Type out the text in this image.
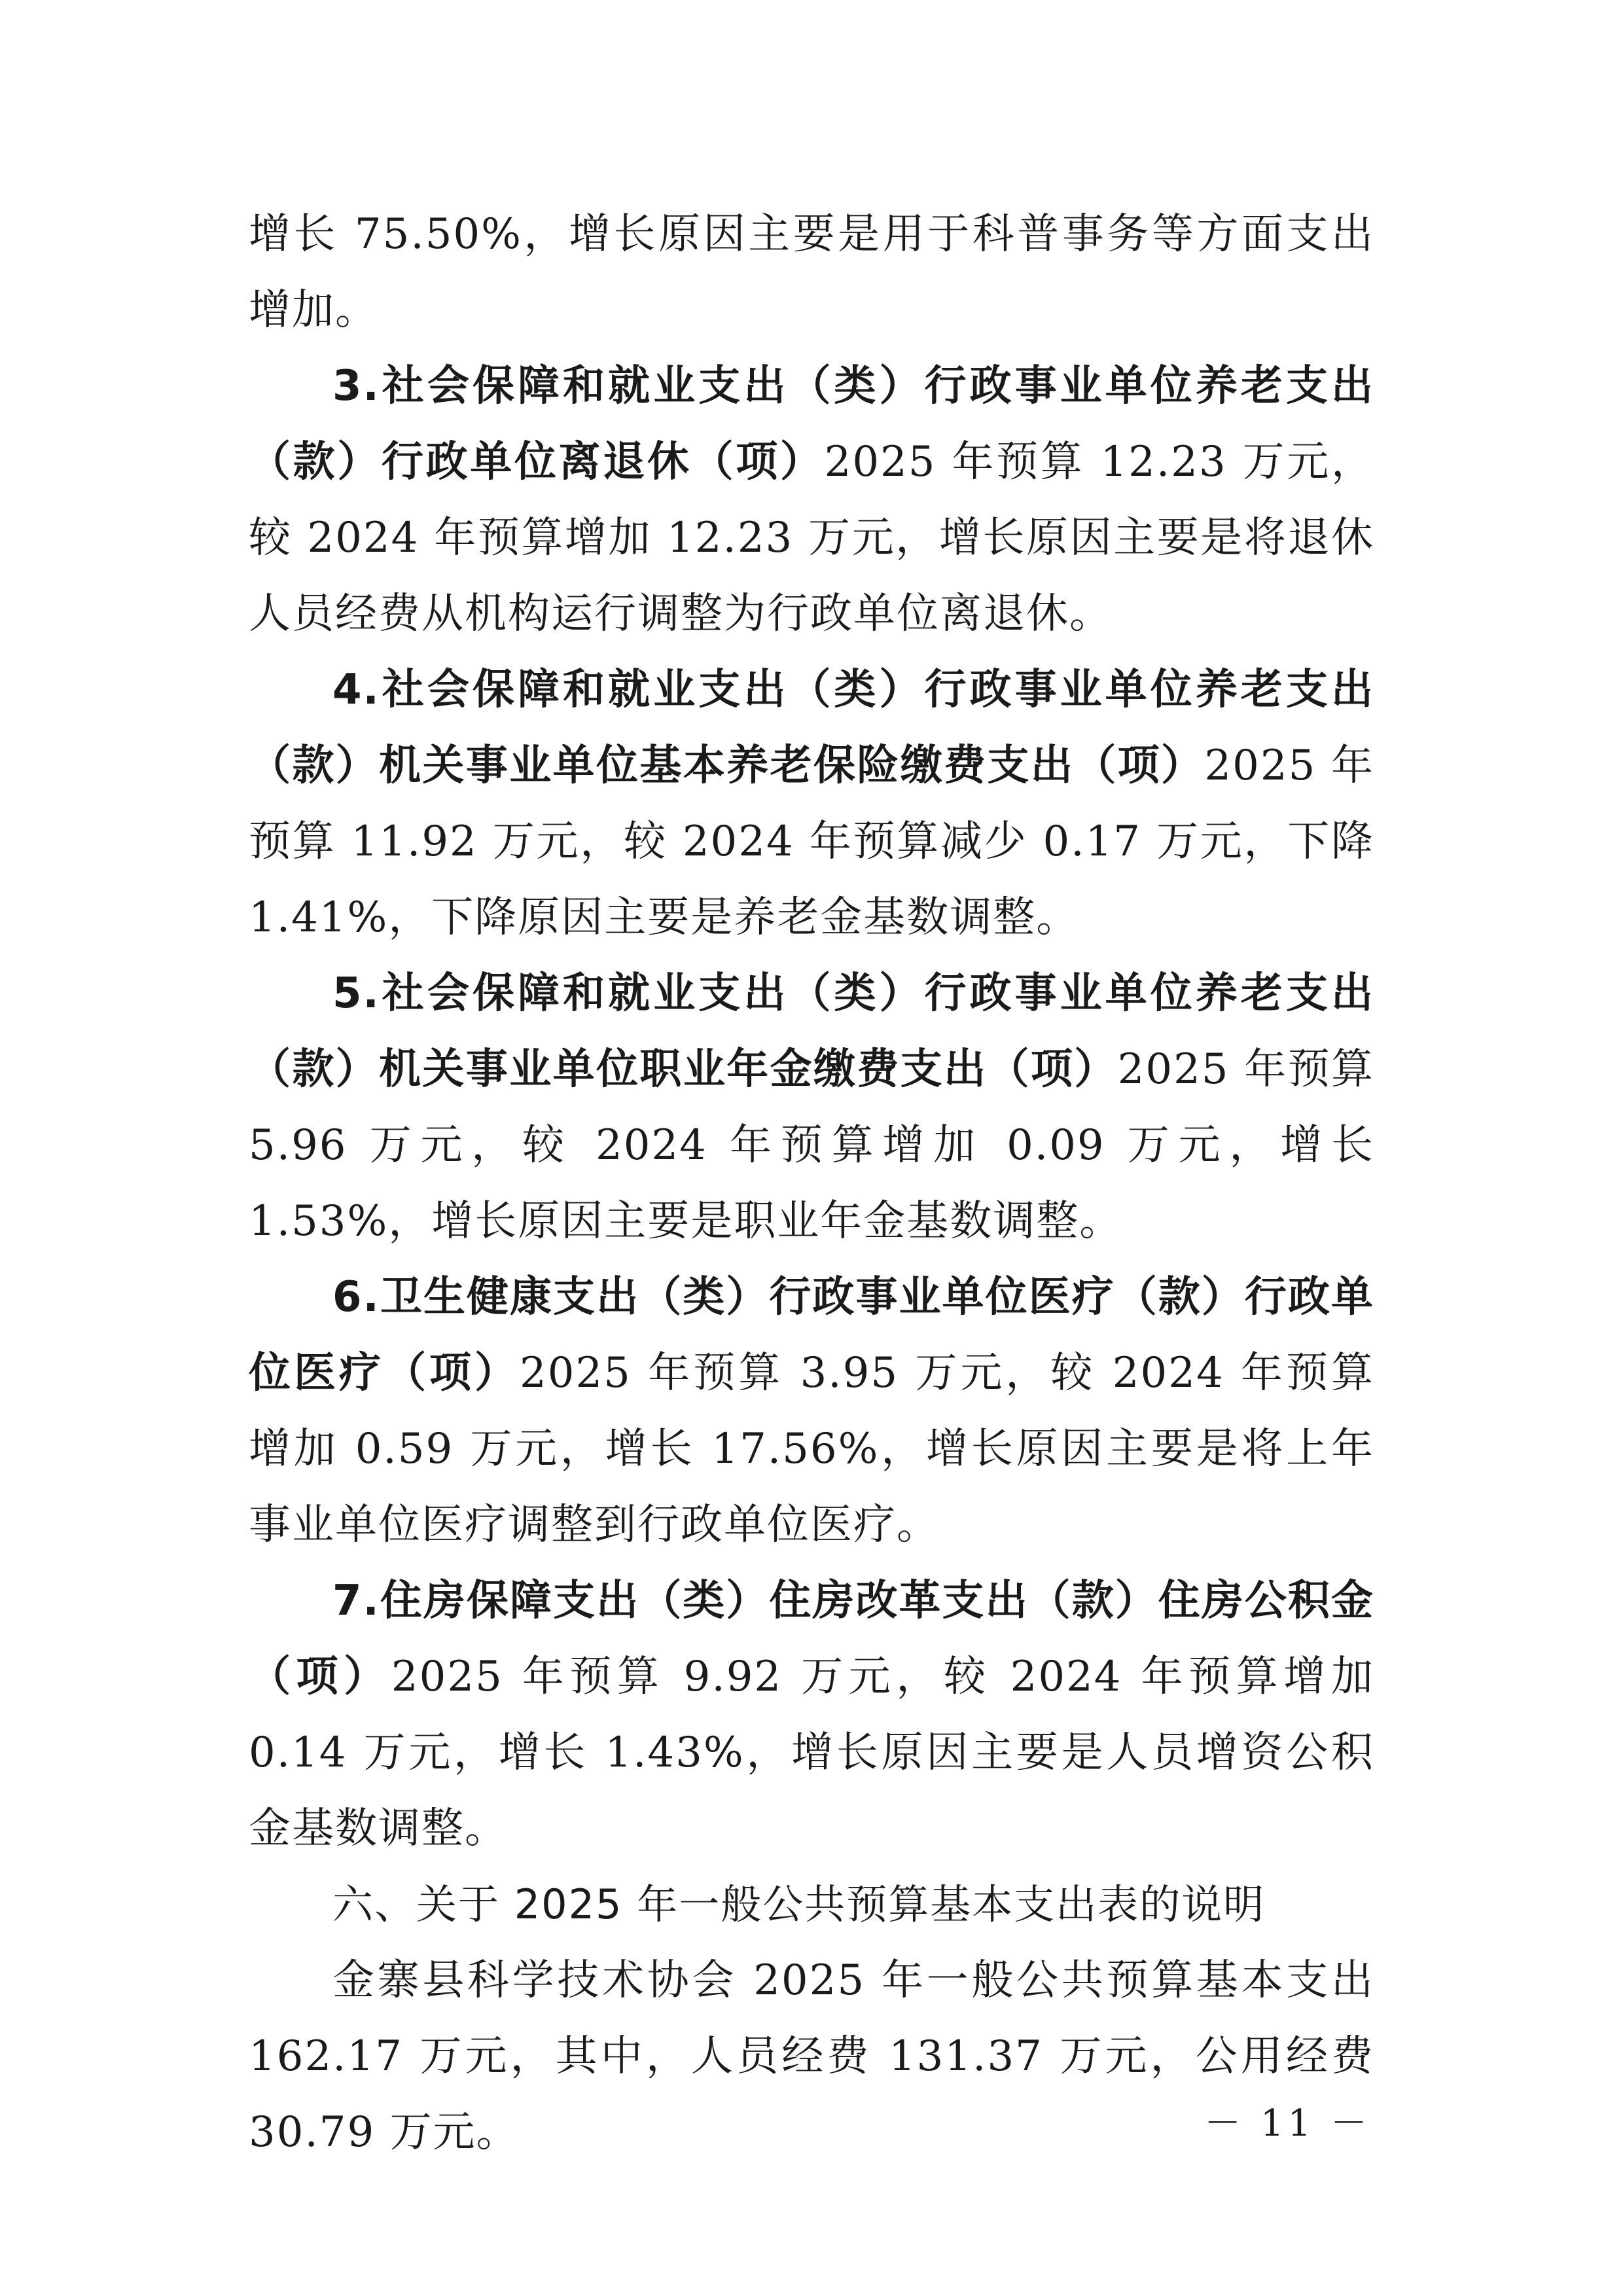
增长 75.50%，增长原因主要是用于科普事务等方面支出增加。

3.社会保障和就业支出（类）行政事业单位养老支出（款）行政单位离退休（项）2025 年预算 12.23 万元，较 2024 年预算增加 12.23 万元，增长原因主要是将退休人员经费从机构运行调整为行政单位离退休。

4.社会保障和就业支出（类）行政事业单位养老支出（款）机关事业单位基本养老保险缴费支出（项）2025 年预算 11.92 万元，较 2024 年预算减少 0.17 万元，下降 1.41%，下降原因主要是养老金基数调整。

5.社会保障和就业支出（类）行政事业单位养老支出（款）机关事业单位职业年金缴费支出（项）2025 年预算 5.96 万元，较 2024 年预算增加 0.09 万元，增长 1.53%，增长原因主要是职业年金基数调整。

6.卫生健康支出（类）行政事业单位医疗（款）行政单位医疗（项）2025 年预算 3.95 万元，较 2024 年预算增加 0.59 万元，增长 17.56%，增长原因主要是将上年事业单位医疗调整到行政单位医疗。

7.住房保障支出（类）住房改革支出（款）住房公积金（项）2025 年预算 9.92 万元，较 2024 年预算增加 0.14 万元，增长 1.43%，增长原因主要是人员增资公积金基数调整。

六、关于 2025 年一般公共预算基本支出表的说明

金寨县科学技术协会 2025 年一般公共预算基本支出 162.17 万元，其中，人员经费 131.37 万元，公用经费 30.79 万元。	－ 11 －
